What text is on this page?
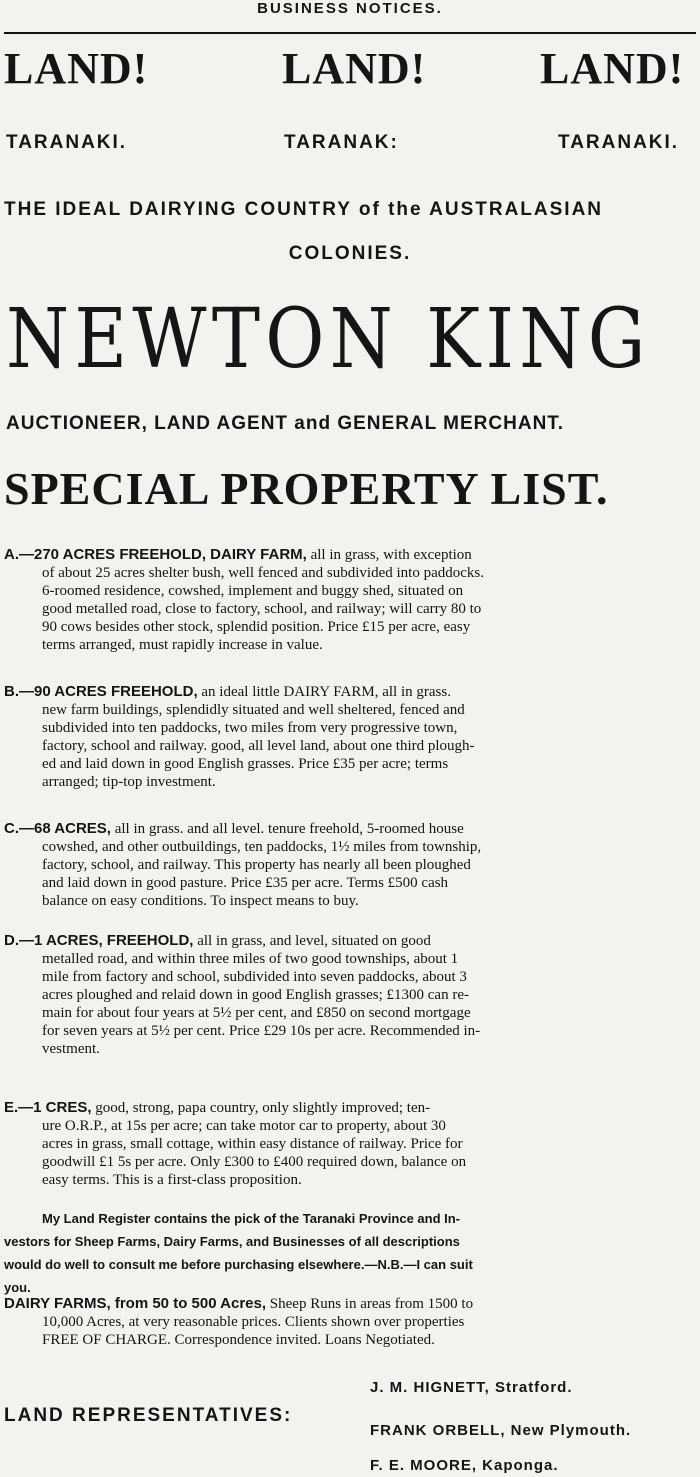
BUSINESS NOTICES.
LAND!	LAND!	LAND!
TARANAKI.	TARANAK:	TARANAKI.
THE IDEAL DAIRYING COUNTRY of the AUSTRALASIAN
COLONIES.
NEWTON KING
AUCTIONEER, LAND AGENT and GENERAL MERCHANT.
SPECIAL PROPERTY LIST.
A.—270 ACRES FREEHOLD, DAIRY FARM, all in grass, with exception
of about 25 acres shelter bush, well fenced and subdivided into paddocks.
6-roomed residence, cowshed, implement and buggy shed, situated on
good metalled road, close to factory, school, and railway; will carry 80 to
90 cows besides other stock, splendid position. Price £15 per acre, easy
terms arranged, must rapidly increase in value.
B.—90 ACRES FREEHOLD, an ideal little DAIRY FARM, all in grass.
new farm buildings, splendidly situated and well sheltered, fenced and
subdivided into ten paddocks, two miles from very progressive town,
factory, school and railway. good, all level land, about one third plough-
ed and laid down in good English grasses. Price £35 per acre; terms
arranged; tip-top investment.
C.—68 ACRES, all in grass. and all level. tenure freehold, 5-roomed house
cowshed, and other outbuildings, ten paddocks, 1½ miles from township,
factory, school, and railway. This property has nearly all been ploughed
and laid down in good pasture. Price £35 per acre. Terms £500 cash
balance on easy conditions. To inspect means to buy.
D.—1 ACRES, FREEHOLD, all in grass, and level, situated on good
metalled road, and within three miles of two good townships, about 1
mile from factory and school, subdivided into seven paddocks, about 3
acres ploughed and relaid down in good English grasses; £1300 can re-
main for about four years at 5½ per cent, and £850 on second mortgage
for seven years at 5½ per cent. Price £29 10s per acre. Recommended in-
vestment.
E.—1 CRES, good, strong, papa country, only slightly improved; ten-
ure O.R.P., at 15s per acre; can take motor car to property, about 30
acres in grass, small cottage, within easy distance of railway. Price for
goodwill £1 5s per acre. Only £300 to £400 required down, balance on
easy terms. This is a first-class proposition.
My Land Register contains the pick of the Taranaki Province and In-
vestors for Sheep Farms, Dairy Farms, and Businesses of all descriptions
would do well to consult me before purchasing elsewhere.—N.B.—I can suit
you.
DAIRY FARMS, from 50 to 500 Acres, Sheep Runs in areas from 1500 to
10,000 Acres, at very reasonable prices. Clients shown over properties
FREE OF CHARGE. Correspondence invited. Loans Negotiated.
LAND REPRESENTATIVES:
J. M. HIGNETT, Stratford.
FRANK ORBELL, New Plymouth.
F. E. MOORE, Kaponga.
